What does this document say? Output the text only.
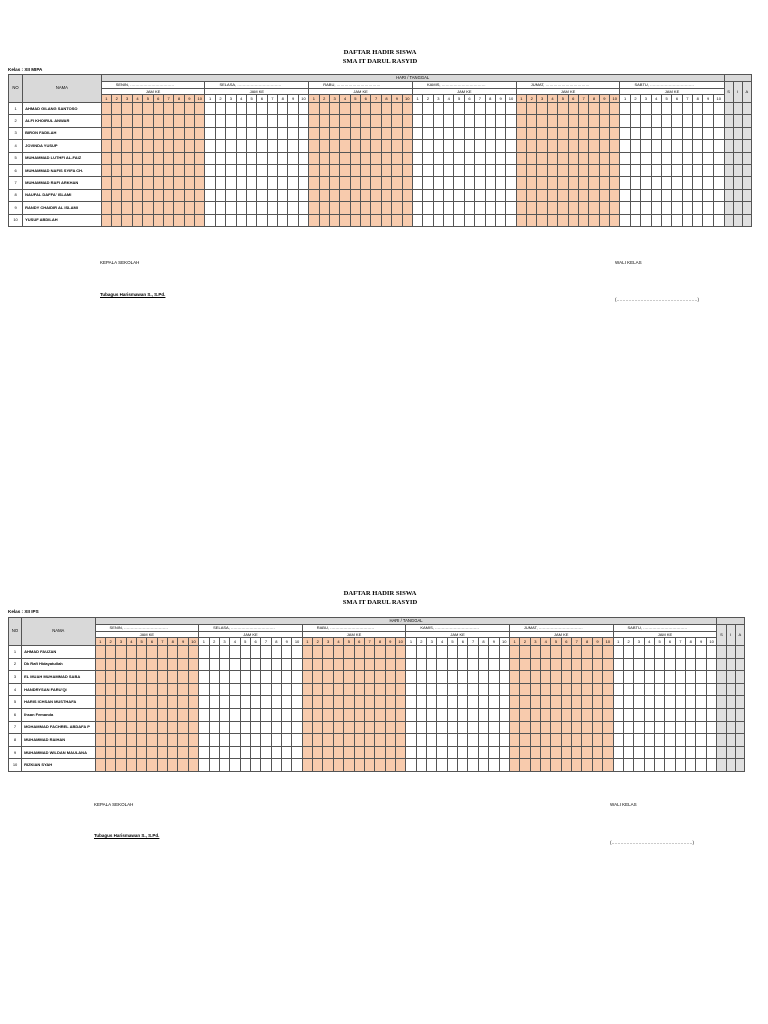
DAFTAR HADIR SISWA
SMA IT DARUL RASYID
Kelas : XII MIPA
NO	NAMA	HARI / TANGGAL	
SENIN, ……………………………	SELASA, ……………………………	RABU, ……………………………	KAMIS, ……………………………	JUMAT, ……………………………	SABTU, ……………………………	S	I	A
JAM KE	JAM KE	JAM KE	JAM KE	JAM KE	JAM KE
1	2	3	4	5	6	7	8	9	10	1	2	3	4	5	6	7	8	9	10	1	2	3	4	5	6	7	8	9	10	1	2	3	4	5	6	7	8	9	10	1	2	3	4	5	6	7	8	9	10	1	2	3	4	5	6	7	8	9	10
1	AHMAD GILANG SANTOSO																																																															
2	ALFI KHOIRUL ANWAR																																																															
3	BIRON FADILAH																																																															
4	JOVINDA YUSUP																																																															
5	MUHAMMAD LUTHFI AL-FAIZ																																																															
6	MUHAMMAD NAFIS SYIFA CH.																																																															
7	MUHAMMAD RAFI ARKHAN																																																															
8	NAUFAL DAFFA' ISLAMI																																																															
9	RANDY CHAIDIR AL ISLAMI																																																															
10	YUSUF ABDILAH																																																															
KEPALA SEKOLAH
Tubagus Harismawan S., S.Pd.
WALI KELAS
(………………………………………………)
DAFTAR HADIR SISWA
SMA IT DARUL RASYID
Kelas : XII IPS
NO	NAMA	HARI / TANGGAL	
SENIN, ……………………………	SELASA, ……………………………	RABU, ……………………………	KAMIS, ……………………………	JUMAT, ……………………………	SABTU, ……………………………	S	I	A
JAM KE	JAM KE	JAM KE	JAM KE	JAM KE	JAM KE
1	2	3	4	5	6	7	8	9	10	1	2	3	4	5	6	7	8	9	10	1	2	3	4	5	6	7	8	9	10	1	2	3	4	5	6	7	8	9	10	1	2	3	4	5	6	7	8	9	10	1	2	3	4	5	6	7	8	9	10
1	AHMAD FAUZAN																																																															
2	Dk Rafi Hidayatullah																																																															
3	EL MUAH MUHAMMAD SABA																																																															
4	HANDRYSAN FARU'QI																																																															
5	HARIS ICHSAN MUSTHAFA																																																															
6	Ihsan Femanda																																																															
7	MOHAMMAD FACHREL ABDAFA P																																																															
8	MUHAMMAD RAIHAN																																																															
9	MUHAMMAD WILDAN MAULANA																																																															
10	RIZKIAN SYAH																																																															
KEPALA SEKOLAH
Tubagus Harismawan S., S.Pd.
WALI KELAS
(………………………………………………)
